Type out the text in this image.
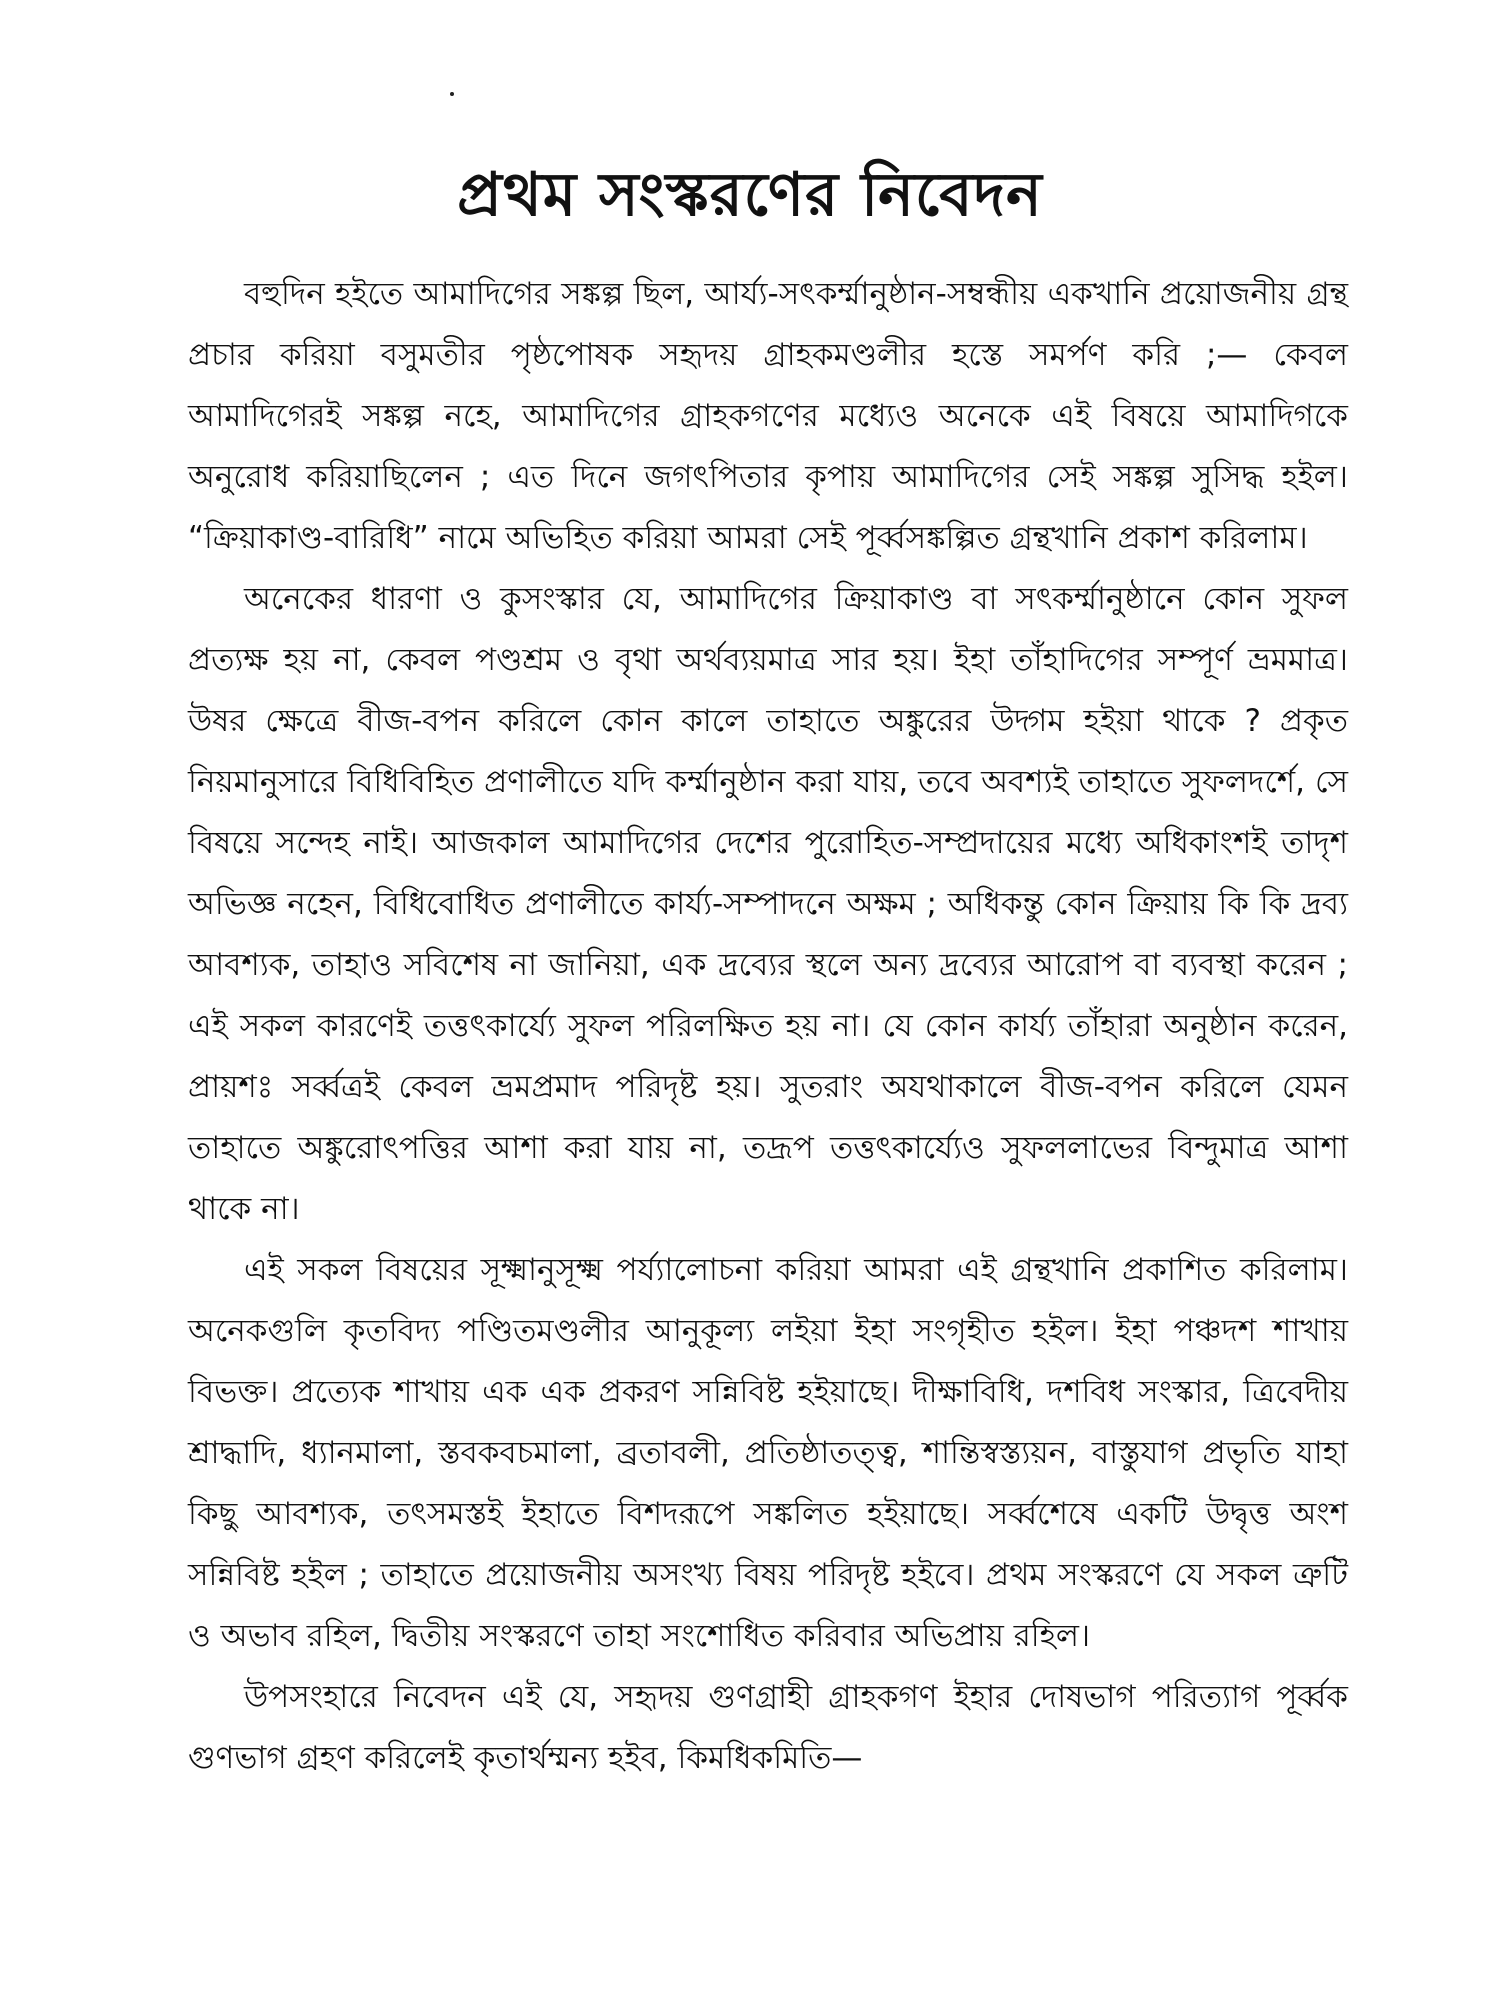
প্রথম সংস্করণের নিবেদন

বহুদিন হইতে আমাদিগের সঙ্কল্প ছিল, আর্য্য-সৎকর্ম্মানুষ্ঠান-সম্বন্ধীয় একখানি প্রয়োজনীয় গ্রন্থ প্রচার করিয়া বসুমতীর পৃষ্ঠপোষক সহৃদয় গ্রাহকমণ্ডলীর হস্তে সমর্পণ করি ;— কেবল আমাদিগেরই সঙ্কল্প নহে, আমাদিগের গ্রাহকগণের মধ্যেও অনেকে এই বিষয়ে আমাদিগকে অনুরোধ করিয়াছিলেন ; এত দিনে জগৎপিতার কৃপায় আমাদিগের সেই সঙ্কল্প সুসিদ্ধ হইল। “ক্রিয়াকাণ্ড-বারিধি” নামে অভিহিত করিয়া আমরা সেই পূর্ব্বসঙ্কল্পিত গ্রন্থখানি প্রকাশ করিলাম।

অনেকের ধারণা ও কুসংস্কার যে, আমাদিগের ক্রিয়াকাণ্ড বা সৎকর্ম্মানুষ্ঠানে কোন সুফল প্রত্যক্ষ হয় না, কেবল পণ্ডশ্রম ও বৃথা অর্থব্যয়মাত্র সার হয়। ইহা তাঁহাদিগের সম্পূর্ণ ভ্রমমাত্র। উষর ক্ষেত্রে বীজ-বপন করিলে কোন কালে তাহাতে অঙ্কুরের উদ্গম হইয়া থাকে ? প্রকৃত নিয়মানুসারে বিধিবিহিত প্রণালীতে যদি কর্ম্মানুষ্ঠান করা যায়, তবে অবশ্যই তাহাতে সুফলদর্শে, সে বিষয়ে সন্দেহ নাই। আজকাল আমাদিগের দেশের পুরোহিত-সম্প্রদায়ের মধ্যে অধিকাংশই তাদৃশ অভিজ্ঞ নহেন, বিধিবোধিত প্রণালীতে কার্য্য-সম্পাদনে অক্ষম ; অধিকন্তু কোন ক্রিয়ায় কি কি দ্রব্য আবশ্যক, তাহাও সবিশেষ না জানিয়া, এক দ্রব্যের স্থলে অন্য দ্রব্যের আরোপ বা ব্যবস্থা করেন ; এই সকল কারণেই তত্তৎকার্য্যে সুফল পরিলক্ষিত হয় না। যে কোন কার্য্য তাঁহারা অনুষ্ঠান করেন, প্রায়শঃ সর্ব্বত্রই কেবল ভ্রমপ্রমাদ পরিদৃষ্ট হয়। সুতরাং অযথাকালে বীজ-বপন করিলে যেমন তাহাতে অঙ্কুরোৎপত্তির আশা করা যায় না, তদ্রূপ তত্তৎকার্য্যেও সুফললাভের বিন্দুমাত্র আশা থাকে না।

এই সকল বিষয়ের সূক্ষ্মানুসূক্ষ্ম পর্য্যালোচনা করিয়া আমরা এই গ্রন্থখানি প্রকাশিত করিলাম। অনেকগুলি কৃতবিদ্য পণ্ডিতমণ্ডলীর আনুকূল্য লইয়া ইহা সংগৃহীত হইল। ইহা পঞ্চদশ শাখায় বিভক্ত। প্রত্যেক শাখায় এক এক প্রকরণ সন্নিবিষ্ট হইয়াছে। দীক্ষাবিধি, দশবিধ সংস্কার, ত্রিবেদীয় শ্রাদ্ধাদি, ধ্যানমালা, স্তবকবচমালা, ব্রতাবলী, প্রতিষ্ঠাতত্ত্ব, শান্তিস্বস্ত্যয়ন, বাস্তুযাগ প্রভৃতি যাহা কিছু আবশ্যক, তৎসমস্তই ইহাতে বিশদরূপে সঙ্কলিত হইয়াছে। সর্ব্বশেষে একটি উদ্বৃত্ত অংশ সন্নিবিষ্ট হইল ; তাহাতে প্রয়োজনীয় অসংখ্য বিষয় পরিদৃষ্ট হইবে। প্রথম সংস্করণে যে সকল ত্রুটি ও অভাব রহিল, দ্বিতীয় সংস্করণে তাহা সংশোধিত করিবার অভিপ্রায় রহিল।

উপসংহারে নিবেদন এই যে, সহৃদয় গুণগ্রাহী গ্রাহকগণ ইহার দোষভাগ পরিত্যাগ পূর্ব্বক গুণভাগ গ্রহণ করিলেই কৃতার্থম্মন্য হইব, কিমধিকমিতি—
